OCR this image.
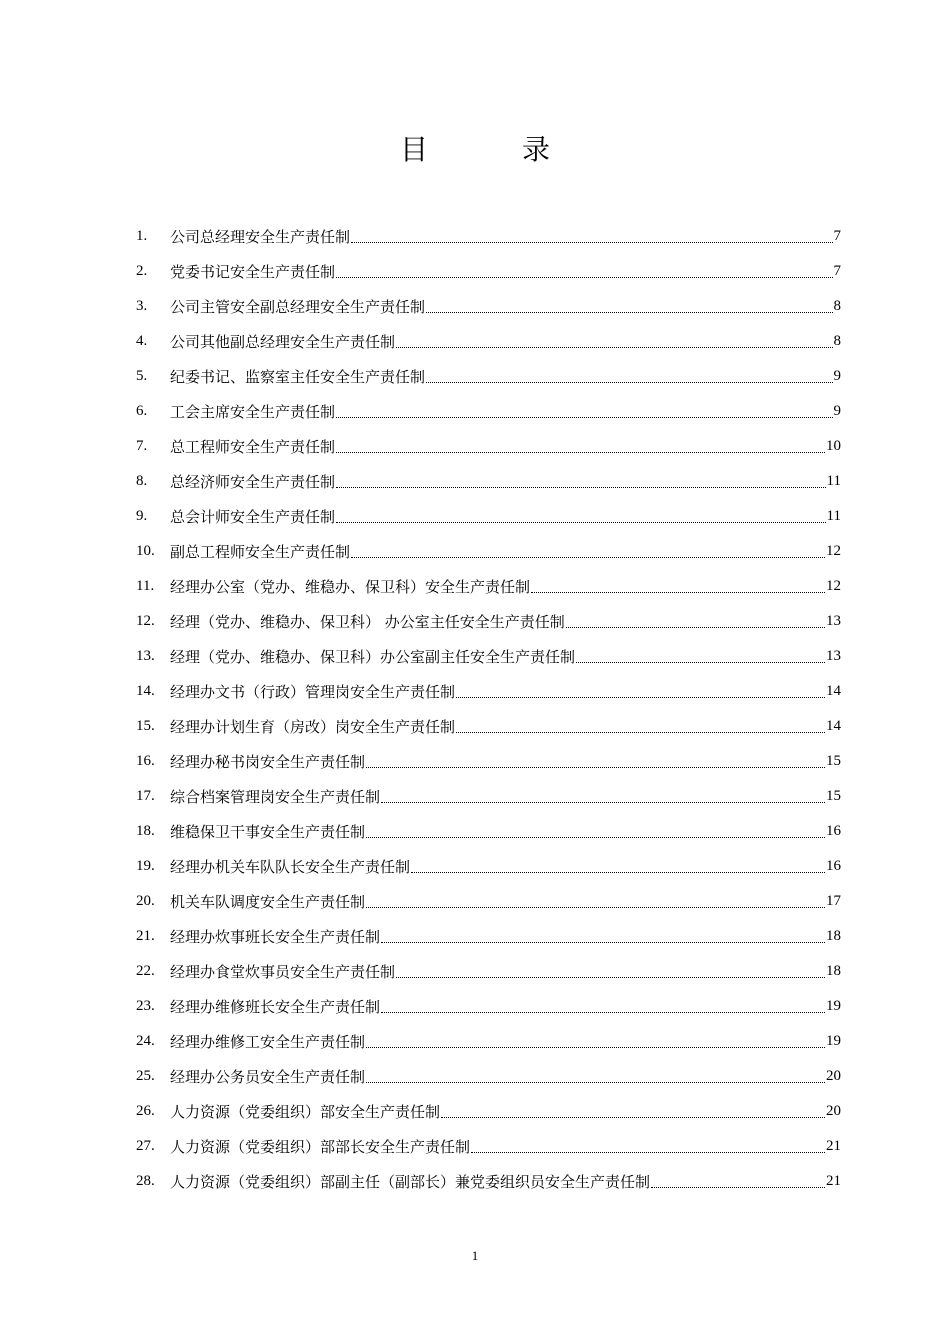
目	录
1.	公司总经理安全生产责任制	7
2.	党委书记安全生产责任制	7
3.	公司主管安全副总经理安全生产责任制	8
4.	公司其他副总经理安全生产责任制	8
5.	纪委书记、监察室主任安全生产责任制	9
6.	工会主席安全生产责任制	9
7.	总工程师安全生产责任制	10
8.	总经济师安全生产责任制	11
9.	总会计师安全生产责任制	11
10.	副总工程师安全生产责任制	12
11.	经理办公室（党办、维稳办、保卫科）安全生产责任制	12
12.	经理（党办、维稳办、保卫科） 办公室主任安全生产责任制	13
13.	经理（党办、维稳办、保卫科）办公室副主任安全生产责任制	13
14.	经理办文书（行政）管理岗安全生产责任制	14
15.	经理办计划生育（房改）岗安全生产责任制	14
16.	经理办秘书岗安全生产责任制	15
17.	综合档案管理岗安全生产责任制	15
18.	维稳保卫干事安全生产责任制	16
19.	经理办机关车队队长安全生产责任制	16
20.	机关车队调度安全生产责任制	17
21.	经理办炊事班长安全生产责任制	18
22.	经理办食堂炊事员安全生产责任制	18
23.	经理办维修班长安全生产责任制	19
24.	经理办维修工安全生产责任制	19
25.	经理办公务员安全生产责任制	20
26.	人力资源（党委组织）部安全生产责任制	20
27.	人力资源（党委组织）部部长安全生产责任制	21
28.	人力资源（党委组织）部副主任（副部长）兼党委组织员安全生产责任制	21
1
